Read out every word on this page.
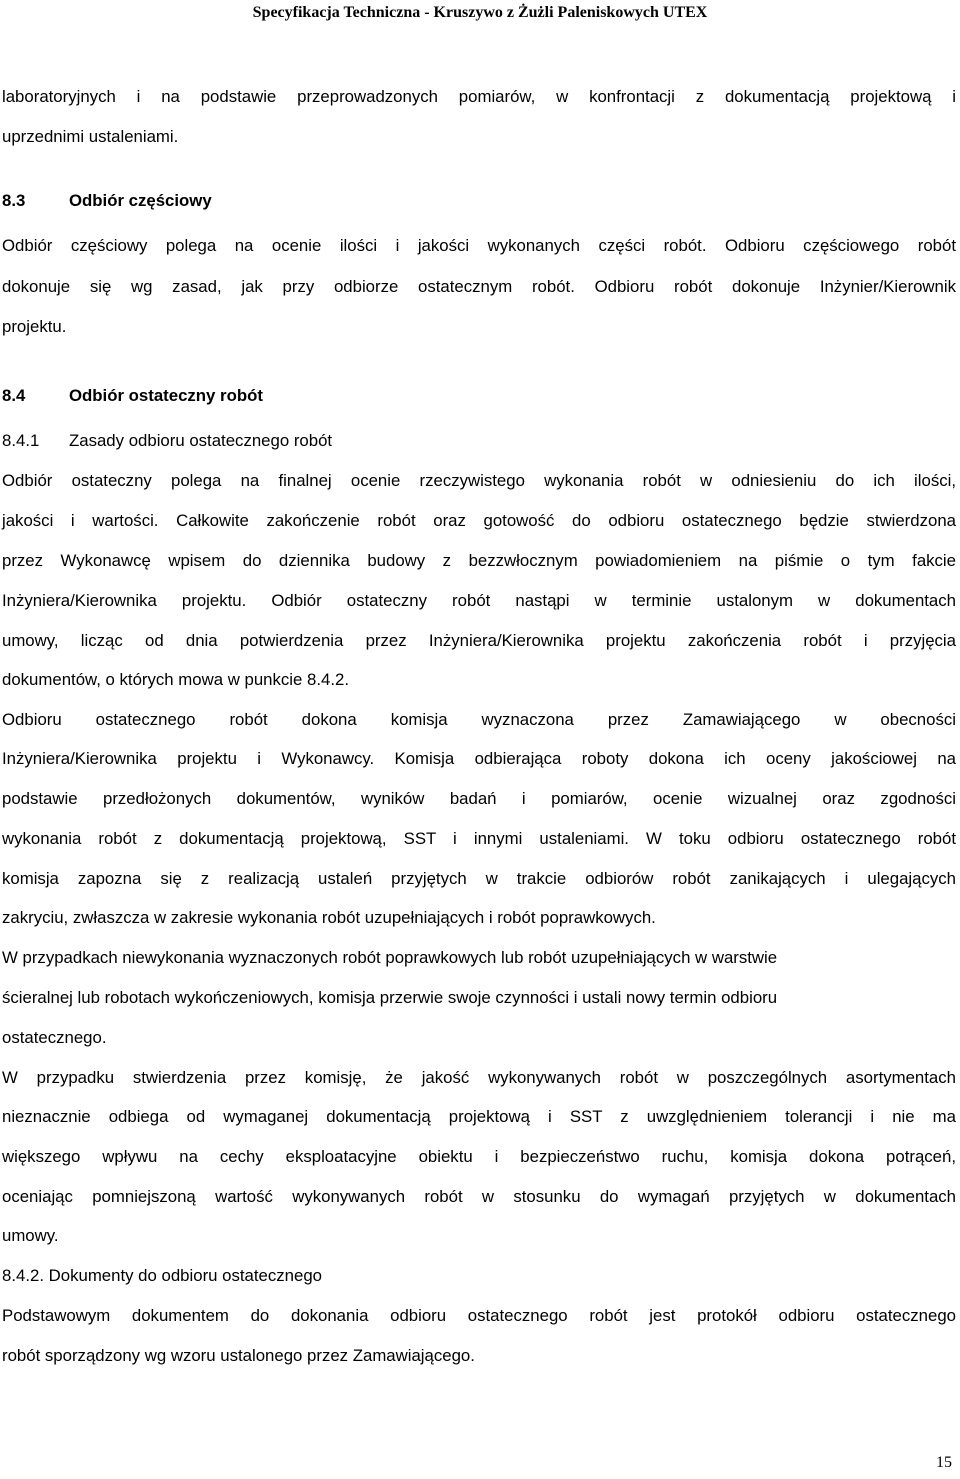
Specyfikacja Techniczna - Kruszywo z Żużli Paleniskowych UTEX
laboratoryjnych i na podstawie przeprowadzonych pomiarów, w konfrontacji z dokumentacją projektową i
uprzednimi ustaleniami.
8.3	Odbiór częściowy
Odbiór częściowy polega na ocenie ilości i jakości wykonanych części robót. Odbioru częściowego robót
dokonuje się wg zasad, jak przy odbiorze ostatecznym robót. Odbioru robót dokonuje Inżynier/Kierownik
projektu.
8.4	Odbiór ostateczny robót
8.4.1 Zasady odbioru ostatecznego robót
Odbiór ostateczny polega na finalnej ocenie rzeczywistego wykonania robót w odniesieniu do ich ilości,
jakości i wartości. Całkowite zakończenie robót oraz gotowość do odbioru ostatecznego będzie stwierdzona
przez Wykonawcę wpisem do dziennika budowy z bezzwłocznym powiadomieniem na piśmie o tym fakcie
Inżyniera/Kierownika projektu. Odbiór ostateczny robót nastąpi w terminie ustalonym w dokumentach
umowy, licząc od dnia potwierdzenia przez Inżyniera/Kierownika projektu zakończenia robót i przyjęcia
dokumentów, o których mowa w punkcie 8.4.2.
Odbioru ostatecznego robót dokona komisja wyznaczona przez Zamawiającego w obecności
Inżyniera/Kierownika projektu i Wykonawcy. Komisja odbierająca roboty dokona ich oceny jakościowej na
podstawie przedłożonych dokumentów, wyników badań i pomiarów, ocenie wizualnej oraz zgodności
wykonania robót z dokumentacją projektową, SST i innymi ustaleniami. W toku odbioru ostatecznego robót
komisja zapozna się z realizacją ustaleń przyjętych w trakcie odbiorów robót zanikających i ulegających
zakryciu, zwłaszcza w zakresie wykonania robót uzupełniających i robót poprawkowych.
W przypadkach niewykonania wyznaczonych robót poprawkowych lub robót uzupełniających w warstwie
ścieralnej lub robotach wykończeniowych, komisja przerwie swoje czynności i ustali nowy termin odbioru
ostatecznego.
W przypadku stwierdzenia przez komisję, że jakość wykonywanych robót w poszczególnych asortymentach
nieznacznie odbiega od wymaganej dokumentacją projektową i SST z uwzględnieniem tolerancji i nie ma
większego wpływu na cechy eksploatacyjne obiektu i bezpieczeństwo ruchu, komisja dokona potrąceń,
oceniając pomniejszoną wartość wykonywanych robót w stosunku do wymagań przyjętych w dokumentach
umowy.
8.4.2. Dokumenty do odbioru ostatecznego
Podstawowym dokumentem do dokonania odbioru ostatecznego robót jest protokół odbioru ostatecznego
robót sporządzony wg wzoru ustalonego przez Zamawiającego.
15
